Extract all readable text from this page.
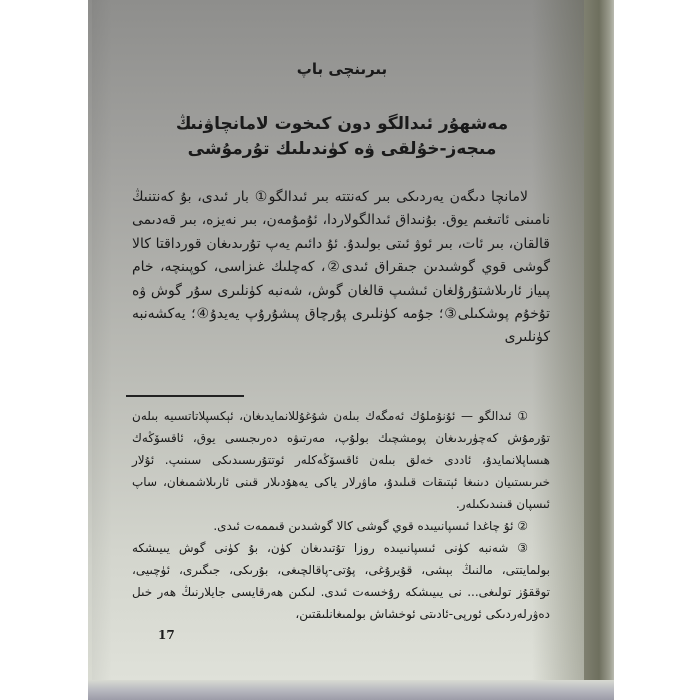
بىرىنچى باپ
مەشھۇر ئىدالگو دون كىخوت لامانچاۋنىڭ
مىجەز-خۇلقى ۋە كۈندىلىك تۇرمۇشى

لامانچا دىگەن يەردىكى بىر كەنتتە بىر ئىدالگو① بار ئىدى، بۇ كەنتنىڭ نامىنى ئاتىغىم يوق. بۇنىداق ئىدالگولاردا، ئۇمۇمەن، بىر نەيزە، بىر قەدىمى قالقان، بىر ئات، بىر ئوۋ ئىتى بولىدۇ. ئۇ دائىم يەپ تۇرىدىغان قورداقتا كالا گوشى قوي گوشىدىن جىقراق ئىدى②، كەچلىك غىزاسى، كوپىنچە، خام پىياز ئارىلاشتۇرۇلغان ئىشىپ قالغان گوش، شەنبە كۈنلىرى سۇر گوش ۋە تۇخۇم پوشكىلى③؛ جۇمە كۈنلىرى پۇرچاق پىشۇرۇپ يەيدۇ④؛ يەكشەنبە كۈنلىرى

① ئىدالگو — ئۇنۇملۇك ئەمگەك بىلەن شۇغۇللانمايدىغان، ئېكسپلاتاتسىيە بىلەن تۇرمۇش كەچۈرىدىغان پومشچىك بولۇپ، مەرتىۋە دەرىجىسى يوق، ئاقسۆڭەك ھىساپلانمايدۇ، ئاددى خەلق بىلەن ئاقسۆڭەكلەر ئوتتۇرىسىدىكى سىنىپ. ئۇلار خىرىستىيان دىنىغا ئېتىقات قىلىدۇ، ماۋرلار ياكى يەھۇدىلار قىنى ئارىلاشمىغان، ساپ ئىسپان قىنىدىكىلەر.

② ئۇ چاغدا ئىسپانىيىدە قوي گوشى كالا گوشىدىن قىممەت ئىدى.

③ شەنبە كۈنى ئىسپانىيىدە روزا تۇتىدىغان كۈن، بۇ كۈنى گوش يىيىشكە بولمايتتى، مالنىڭ بېشى، قۇيرۇغى، پۇتى-پاقالچىغى، بۇرىكى، جىگىرى، ئۈچىيى، توققۇز تولىغى... نى يىيىشكە رۇخسەت ئىدى. لىكىن ھەرقايسى جايلارنىڭ ھەر خىل دەۋرلەردىكى ئورپى-ئادىتى ئوخشاش بولمىغانلىقتىن،

17
